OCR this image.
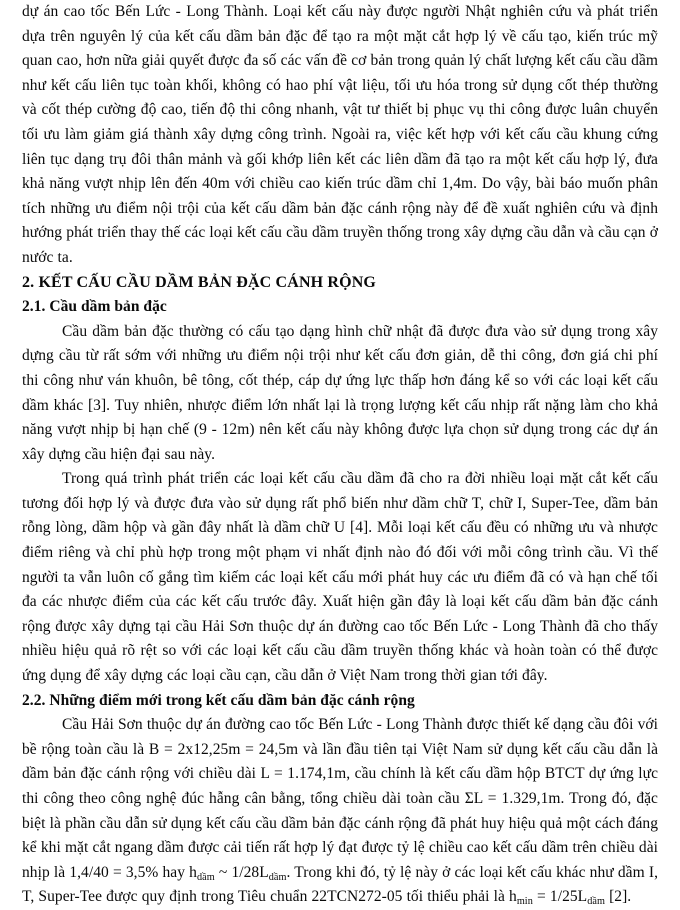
dự án cao tốc Bến Lức - Long Thành. Loại kết cấu này được người Nhật nghiên cứu và phát triển dựa trên nguyên lý của kết cấu dầm bản đặc để tạo ra một mặt cắt hợp lý về cấu tạo, kiến trúc mỹ quan cao, hơn nữa giải quyết được đa số các vấn đề cơ bản trong quản lý chất lượng kết cấu cầu dầm như kết cấu liên tục toàn khối, không có hao phí vật liệu, tối ưu hóa trong sử dụng cốt thép thường và cốt thép cường độ cao, tiến độ thi công nhanh, vật tư thiết bị phục vụ thi công được luân chuyển tối ưu làm giảm giá thành xây dựng công trình. Ngoài ra, việc kết hợp với kết cấu cầu khung cứng liên tục dạng trụ đôi thân mảnh và gối khớp liên kết các liên dầm đã tạo ra một kết cấu hợp lý, đưa khả năng vượt nhịp lên đến 40m với chiều cao kiến trúc dầm chỉ 1,4m. Do vậy, bài báo muốn phân tích những ưu điểm nội trội của kết cấu dầm bản đặc cánh rộng này để đề xuất nghiên cứu và định hướng phát triển thay thế các loại kết cấu cầu dầm truyền thống trong xây dựng cầu dẫn và cầu cạn ở nước ta.

2. KẾT CẤU CẦU DẦM BẢN ĐẶC CÁNH RỘNG
2.1. Cầu dầm bản đặc

Cầu dầm bản đặc thường có cấu tạo dạng hình chữ nhật đã được đưa vào sử dụng trong xây dựng cầu từ rất sớm với những ưu điểm nội trội như kết cấu đơn giản, dễ thi công, đơn giá chi phí thi công như ván khuôn, bê tông, cốt thép, cáp dự ứng lực thấp hơn đáng kể so với các loại kết cấu dầm khác [3]. Tuy nhiên, nhược điểm lớn nhất lại là trọng lượng kết cấu nhịp rất nặng làm cho khả năng vượt nhịp bị hạn chế (9 - 12m) nên kết cấu này không được lựa chọn sử dụng trong các dự án xây dựng cầu hiện đại sau này.

Trong quá trình phát triển các loại kết cấu cầu dầm đã cho ra đời nhiều loại mặt cắt kết cấu tương đối hợp lý và được đưa vào sử dụng rất phổ biến như dầm chữ T, chữ I, Super-Tee, dầm bản rỗng lòng, dầm hộp và gần đây nhất là dầm chữ U [4]. Mỗi loại kết cấu đều có những ưu và nhược điểm riêng và chỉ phù hợp trong một phạm vi nhất định nào đó đối với mỗi công trình cầu. Vì thế người ta vẫn luôn cố gắng tìm kiếm các loại kết cấu mới phát huy các ưu điểm đã có và hạn chế tối đa các nhược điểm của các kết cấu trước đây. Xuất hiện gần đây là loại kết cấu dầm bản đặc cánh rộng được xây dựng tại cầu Hải Sơn thuộc dự án đường cao tốc Bến Lức - Long Thành đã cho thấy nhiều hiệu quả rõ rệt so với các loại kết cấu cầu dầm truyền thống khác và hoàn toàn có thể được ứng dụng để xây dựng các loại cầu cạn, cầu dẫn ở Việt Nam trong thời gian tới đây.

2.2. Những điểm mới trong kết cấu dầm bản đặc cánh rộng

Cầu Hải Sơn thuộc dự án đường cao tốc Bến Lức - Long Thành được thiết kế dạng cầu đôi với bề rộng toàn cầu là B = 2x12,25m = 24,5m và lần đầu tiên tại Việt Nam sử dụng kết cấu cầu dẫn là dầm bản đặc cánh rộng với chiều dài L = 1.174,1m, cầu chính là kết cấu dầm hộp BTCT dự ứng lực thi công theo công nghệ đúc hẫng cân bằng, tổng chiều dài toàn cầu ΣL = 1.329,1m. Trong đó, đặc biệt là phần cầu dẫn sử dụng kết cấu cầu dầm bản đặc cánh rộng đã phát huy hiệu quả một cách đáng kể khi mặt cắt ngang dầm được cải tiến rất hợp lý đạt được tỷ lệ chiều cao kết cấu dầm trên chiều dài nhịp là 1,4/40 = 3,5% hay $h_{dầm}$ ~ $1/28L_{dầm}$. Trong khi đó, tỷ lệ này ở các loại kết cấu khác như dầm I, T, Super-Tee được quy định trong Tiêu chuẩn 22TCN272-05 tối thiểu phải là $h_{min} = 1/25L_{dầm}$ [2].
